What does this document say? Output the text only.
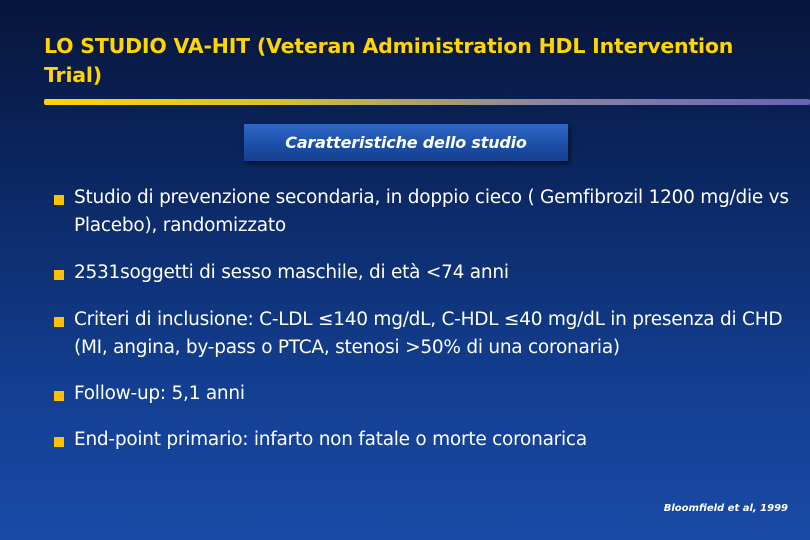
LO STUDIO VA-HIT (Veteran Administration HDL Intervention Trial)
Caratteristiche dello studio
Studio di prevenzione secondaria, in doppio cieco ( Gemfibrozil 1200 mg/die vs Placebo), randomizzato
2531soggetti di sesso maschile, di età <74 anni
Criteri di inclusione: C-LDL ≤140 mg/dL, C-HDL ≤40 mg/dL in presenza di CHD (MI, angina, by-pass o PTCA, stenosi >50% di una coronaria)
Follow-up: 5,1 anni
End-point primario: infarto non fatale o morte coronarica
Bloomfield et al, 1999
